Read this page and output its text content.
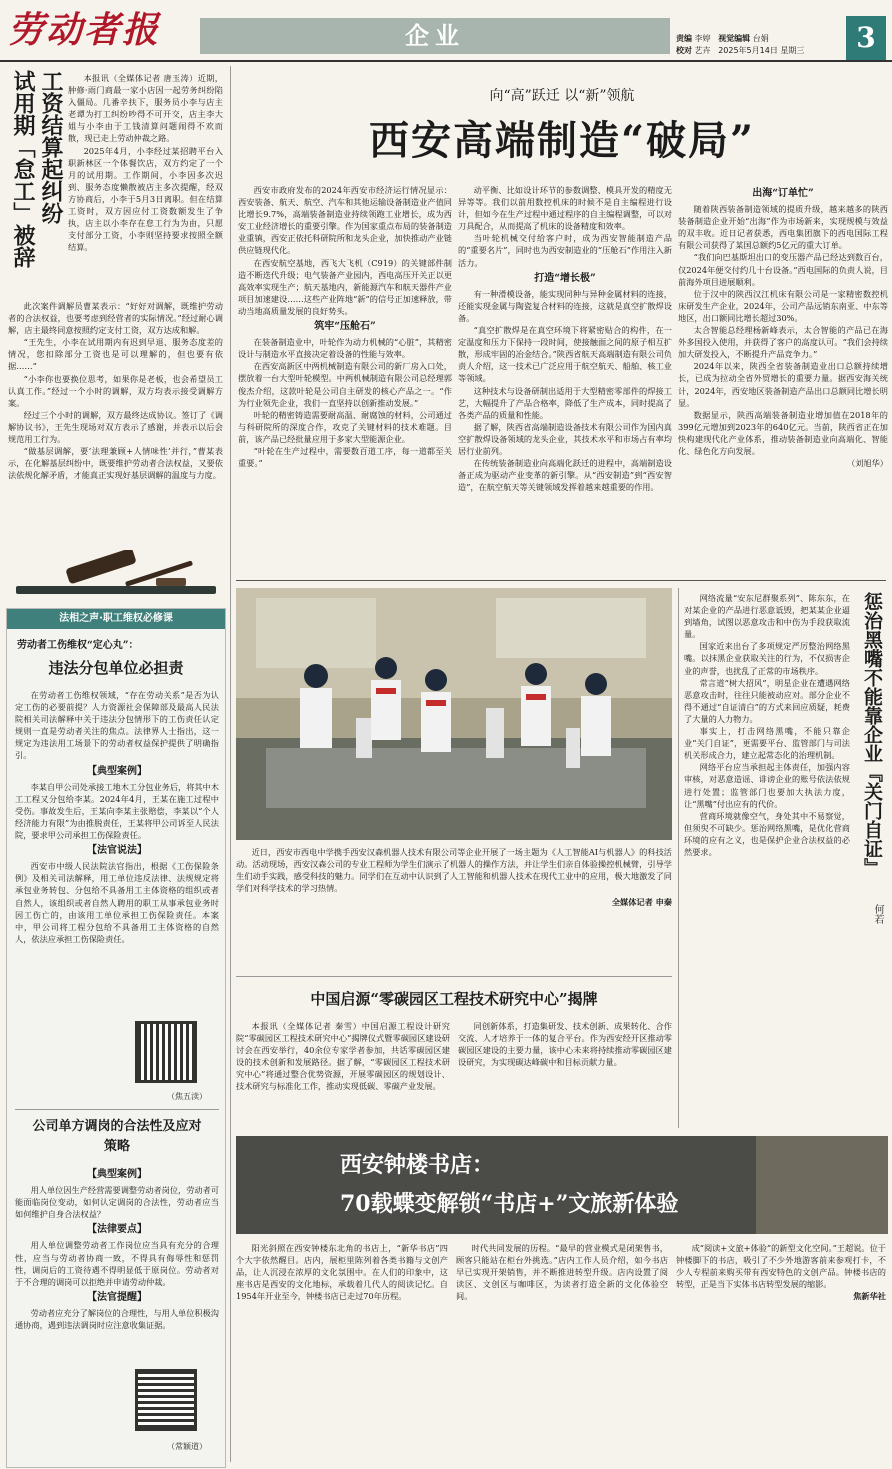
劳动者报	企业	责编 李婷 视觉编辑 台娟
校对 艺卉 2025年5月14日 星期三	3
工资结算起纠纷
试用期「怠工」被辞	本报讯（全媒体记者 唐玉涛）近期，肿修·雨门商最一家小店因一起劳务纠纷陷入僵局。几番辛扶下，服务员小李与店主老谭为打工纠纷吵得不可开交，店主李大姐与小李由于工钱清算问题闹得不欢而散，现已走上劳动仲裁之路。

2025年4月，小李经过某招聘平台入职新林区一个体餐饮店，双方约定了一个月的试用期。工作期间，小李因多次迟到、服务态度懒散被店主多次提醒，经双方协商后，小李于5月3日离职。但在结算工资时，双方因应付工资数额发生了争执，店主以小李存在怠工行为为由，只愿支付部分工资，小李则坚持要求按照全额结算。

此次案件调解员曹某表示：“好好对调解，既维护劳动者的合法权益，也要考虑到经营者的实际情况。”经过耐心调解，店主最终同意按照约定支付工资，双方达成和解。

“王先生，小李在试用期内有迟到早退、服务态度差的情况，您扣除部分工资也是可以理解的，但也要有依据……”

“小李你也要换位思考，如果你是老板，也会希望员工认真工作。”经过一个小时的调解，双方均表示接受调解方案。

经过三个小时的调解，双方最终达成协议。签订了《调解协议书》，王先生现场对双方表示了感谢，并表示以后会规范用工行为。

“做基层调解，要‘法理兼顾+人情味性’并行，”曹某表示，在化解基层纠纷中，既要维护劳动者合法权益，又要依法依规化解矛盾，才能真正实现好基层调解的温度与力度。

法相之声·职工维权必修课
劳动者工伤维权“定心丸”：
违法分包单位必担责

在劳动者工伤维权领域，“存在劳动关系”是否为认定工伤的必要前提？人力资源社会保障部及最高人民法院相关司法解释中关于违法分包情形下的工伤责任认定规则一直是劳动者关注的焦点。法律界人士指出，这一规定为违法用工场景下的劳动者权益保护提供了明确指引。

【典型案例】

李某自甲公司处承接工地木工分包业务后，将其中木工工程又分包给李某。2024年4月，王某在施工过程中受伤。事故发生后，王某向李某主张赔偿，李某以“个人经济能力有限”为由推脱责任，王某将甲公司诉至人民法院，要求甲公司承担工伤保险责任。

【法官说法】

西安市中级人民法院法官指出，根据《工伤保险条例》及相关司法解释，用工单位违反法律、法规规定将承包业务转包、分包给不具备用工主体资格的组织或者自然人，该组织或者自然人聘用的职工从事承包业务时因工伤亡的，由该用工单位承担工伤保险责任。本案中，甲公司将工程分包给不具备用工主体资格的自然人，依法应承担工伤保险责任。

（焦五渎）
公司单方调岗的合法性及应对策略
【典型案例】

用人单位因生产经营需要调整劳动者岗位，劳动者可能面临岗位变动，如何认定调岗的合法性，劳动者应当如何维护自身合法权益？

【法律要点】

用人单位调整劳动者工作岗位应当具有充分的合理性，应当与劳动者协商一致，不得具有侮辱性和惩罚性，调岗后的工资待遇不得明显低于原岗位。劳动者对于不合理的调岗可以拒绝并申请劳动仲裁。

【法官提醒】

劳动者应充分了解岗位的合理性，与用人单位积极沟通协商，遇到违法调岗时应注意收集证据。

（常颖道）
向“高”跃迁 以“新”领航
西安高端制造“破局”

西安市政府发布的2024年西安市经济运行情况显示：西安装备、航天、航空、汽车和其他运输设备制造业产值同比增长9.7%，高端装备制造业持续领跑工业增长，成为西安工业经济增长的重要引擎。作为国家重点布局的装备制造业重镇，西安正依托科研院所和龙头企业，加快推动产业链供应链现代化。

在西安航空基地，西飞大飞机（C919）的关键部件制造不断迭代升级；电气装备产业园内，西电高压开关正以更高效率实现生产；航天基地内，新能源汽车和航天器件产业项目加速建设……这些产业阵地“新”的信号正加速释放，带动当地高质量发展的良好势头。

筑牢“压舱石”

在装备制造业中，叶轮作为动力机械的“心脏”，其精密设计与制造水平直接决定着设备的性能与效率。

在西安高新区中两机械制造有限公司的新厂房入口处，摆放着一台大型叶轮模型。中两机械制造有限公司总经理郭俊杰介绍，这款叶轮是公司自主研发的核心产品之一。“作为行业领先企业，我们一直坚持以创新推动发展。”

叶轮的精密铸造需要耐高温、耐腐蚀的材料，公司通过与科研院所的深度合作，攻克了关键材料的技术难题。目前，该产品已经批量应用于多家大型能源企业。

“叶轮在生产过程中，需要数百道工序，每一道都至关重要。”

动平衡、比如设计环节的参数调整、模具开发的精度无异等等。我们以前用数控机床的时候不是自主编程进行设计，但如今在生产过程中通过程序的自主编程调整，可以对刀具配合，从而提高了机床的设备精度和效率。

当叶轮机械交付给客户时，成为西安智能制造产品的“重要名片”，同时也为西安制造业的“压舱石”作用注入新活力。

打造“增长极”

有一种滑模设备，能实现同种与异种金属材料的连接，还能实现金属与陶瓷复合材料的连接，这就是真空扩散焊设备。

“真空扩散焊是在真空环境下将紧密贴合的构件，在一定温度和压力下保持一段时间，使接触面之间的原子相互扩散，形成牢固的冶金结合。”陕西省航天高端制造有限公司负责人介绍，这一技术已广泛应用于航空航天、船舶、核工业等领域。

这种技术与设备研制出适用于大型精密零部件的焊接工艺，大幅提升了产品合格率，降低了生产成本，同时提高了各类产品的质量和性能。

据了解，陕西省高端制造设备技术有限公司作为国内真空扩散焊设备领域的龙头企业，其技术水平和市场占有率均居行业前列。

在传统装备制造业向高端化跃迁的进程中，高端制造设备正成为驱动产业变革的新引擎。从“西安制造”到“西安智造”，在航空航天等关键领域发挥着越来越重要的作用。

出海“订单忙”

随着陕西装备制造领域的提质升级，越来越多的陕西装备制造企业开始“出海”作为市场新来，实现规模与效益的双丰收。近日记者获悉，西电集团旗下的西电国际工程有限公司获得了某国总额约5亿元的重大订单。

“我们向巴基斯坦出口的变压器产品已经达到数百台，仅2024年便交付约几十台设备。”西电国际的负责人说，目前海外项目进展顺利。

位于汉中的陕西汉江机床有限公司是一家精密数控机床研发生产企业，2024年，公司产品远销东南亚、中东等地区，出口额同比增长超过30%。

太合智能总经理杨新峰表示，太合智能的产品已在海外多国投入使用，并获得了客户的高度认可。“我们会持续加大研发投入，不断提升产品竞争力。”

2024年以来，陕西全省装备制造业出口总额持续增长，已成为拉动全省外贸增长的重要力量。据西安海关统计，2024年，西安地区装备制造产品出口总额同比增长明显。

数据显示，陕西高端装备制造业增加值在2018年的399亿元增加到2023年的640亿元。当前，陕西省正在加快构建现代化产业体系，推动装备制造业向高端化、智能化、绿色化方向发展。

（刘旭华）

近日，西安市西电中学携手西安汉森机器人技术有限公司等企业开展了一场主题为《人工智能AI与机器人》的科技活动。活动现场，西安汉森公司的专业工程师为学生们演示了机器人的操作方法，并让学生们亲自体验操控机械臂，引导学生们动手实践，感受科技的魅力。同学们在互动中认识到了人工智能和机器人技术在现代工业中的应用，极大地激发了同学们对科学技术的学习热情。

全媒体记者 申秦
中国启源“零碳园区工程技术研究中心”揭牌

本报讯（全媒体记者 秦雪）中国启源工程设计研究院“零碳园区工程技术研究中心”揭牌仪式暨零碳园区建设研讨会在西安举行，40余位专家学者参加，共话零碳园区建设的技术创新和发展路径。据了解，“零碳园区工程技术研究中心”将通过整合优势资源，开展零碳园区的规划设计、技术研究与标准化工作，推动实现低碳、零碳产业发展。

同创新体系，打造集研发、技术创新、成果转化、合作交流、人才培养于一体的复合平台。作为西安经开区推动零碳园区建设的主要力量，该中心未来将持续推动零碳园区建设研究，为实现碳达峰碳中和目标贡献力量。

惩治黑嘴不能靠企业『关门自证』
何若

网络流量“安东尼群聚系列”、陈东东，在对某企业的产品进行恶意诋毁，把某某企业逼到墙角，试图以恶意攻击和中伤为手段获取流量。

国家近来出台了多项规定严厉整治网络黑嘴。以抹黑企业获取关注的行为，不仅损害企业的声誉，也扰乱了正常的市场秩序。

常言道“树大招风”，明星企业在遭遇网络恶意攻击时，往往只能被动应对。部分企业不得不通过“自证清白”的方式来回应质疑，耗费了大量的人力物力。

事实上，打击网络黑嘴，不能只靠企业“关门自证”，更需要平台、监管部门与司法机关形成合力，建立起常态化的治理机制。

网络平台应当承担起主体责任，加强内容审核，对恶意造谣、诽谤企业的账号依法依规进行处置；监管部门也要加大执法力度，让“黑嘴”付出应有的代价。

营商环境就像空气，身处其中不易察觉，但须臾不可缺少。惩治网络黑嘴，是优化营商环境的应有之义，也是保护企业合法权益的必然要求。

西安钟楼书店：
70载蝶变解锁“书店+”文旅新体验

阳光斜照在西安钟楼东北角的书店上，“新华书店”四个大字依然醒目。店内，展柜里陈列着各类书籍与文创产品，让人沉浸在浓厚的文化氛围中。在人们的印象中，这座书店是西安的文化地标，承载着几代人的阅读记忆。自1954年开业至今，钟楼书店已走过70年历程。

时代共同发展的历程。“最早的营业模式是闭架售书，顾客只能站在柜台外挑选。”店内工作人员介绍，如今书店早已实现开架销售，并不断推进转型升级。店内设置了阅读区、文创区与咖啡区，为读者打造全新的文化体验空间。

成“阅读+文旅+体验”的新型文化空间。”王超说。位于钟楼脚下的书店，吸引了不少外地游客前来参观打卡，不少人专程前来购买带有西安特色的文创产品。钟楼书店的转型，正是当下实体书店转型发展的缩影。

焦新华社
